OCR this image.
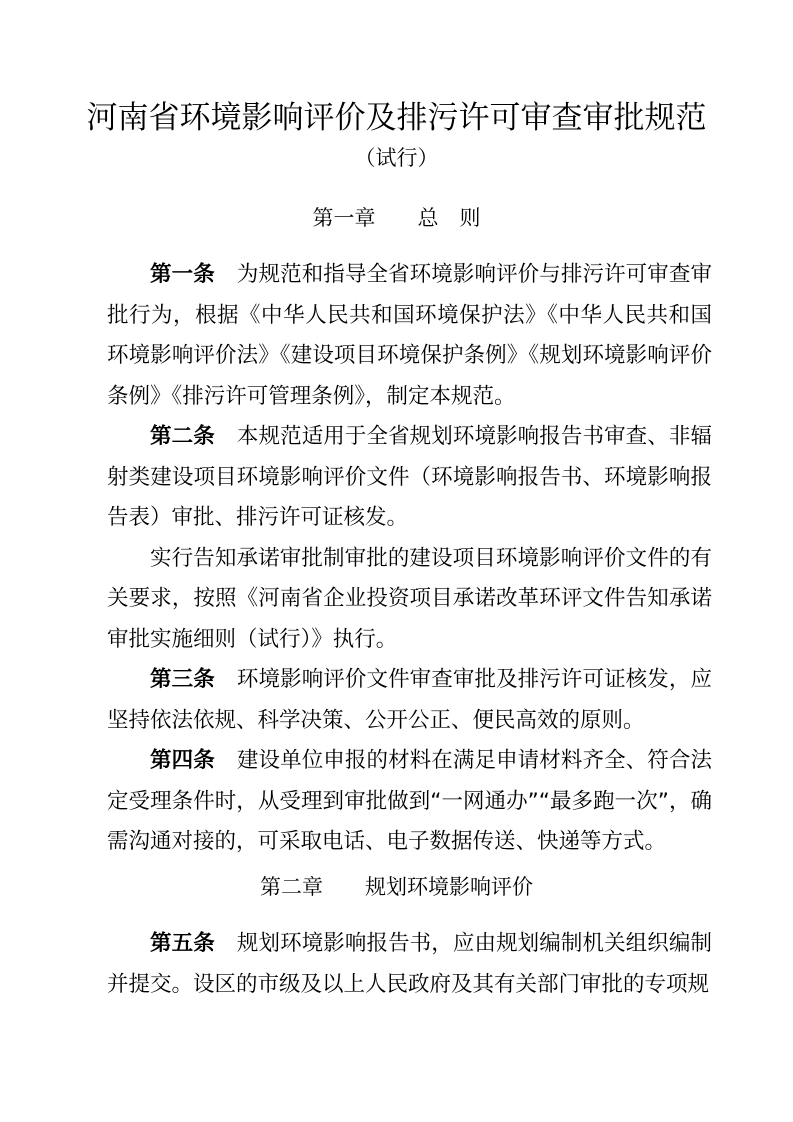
河南省环境影响评价及排污许可审查审批规范
（试行）
第一章　　总　则

第一条 为规范和指导全省环境影响评价与排污许可审查审批行为，根据《中华人民共和国环境保护法》《中华人民共和国环境影响评价法》《建设项目环境保护条例》《规划环境影响评价条例》《排污许可管理条例》，制定本规范。

第二条 本规范适用于全省规划环境影响报告书审查、非辐射类建设项目环境影响评价文件（环境影响报告书、环境影响报告表）审批、排污许可证核发。

实行告知承诺审批制审批的建设项目环境影响评价文件的有关要求，按照《河南省企业投资项目承诺改革环评文件告知承诺审批实施细则（试行）》执行。

第三条 环境影响评价文件审查审批及排污许可证核发，应坚持依法依规、科学决策、公开公正、便民高效的原则。

第四条 建设单位申报的材料在满足申请材料齐全、符合法定受理条件时，从受理到审批做到“一网通办”“最多跑一次”，确需沟通对接的，可采取电话、电子数据传送、快递等方式。

第二章　　规划环境影响评价

第五条 规划环境影响报告书，应由规划编制机关组织编制并提交。设区的市级及以上人民政府及其有关部门审批的专项规
